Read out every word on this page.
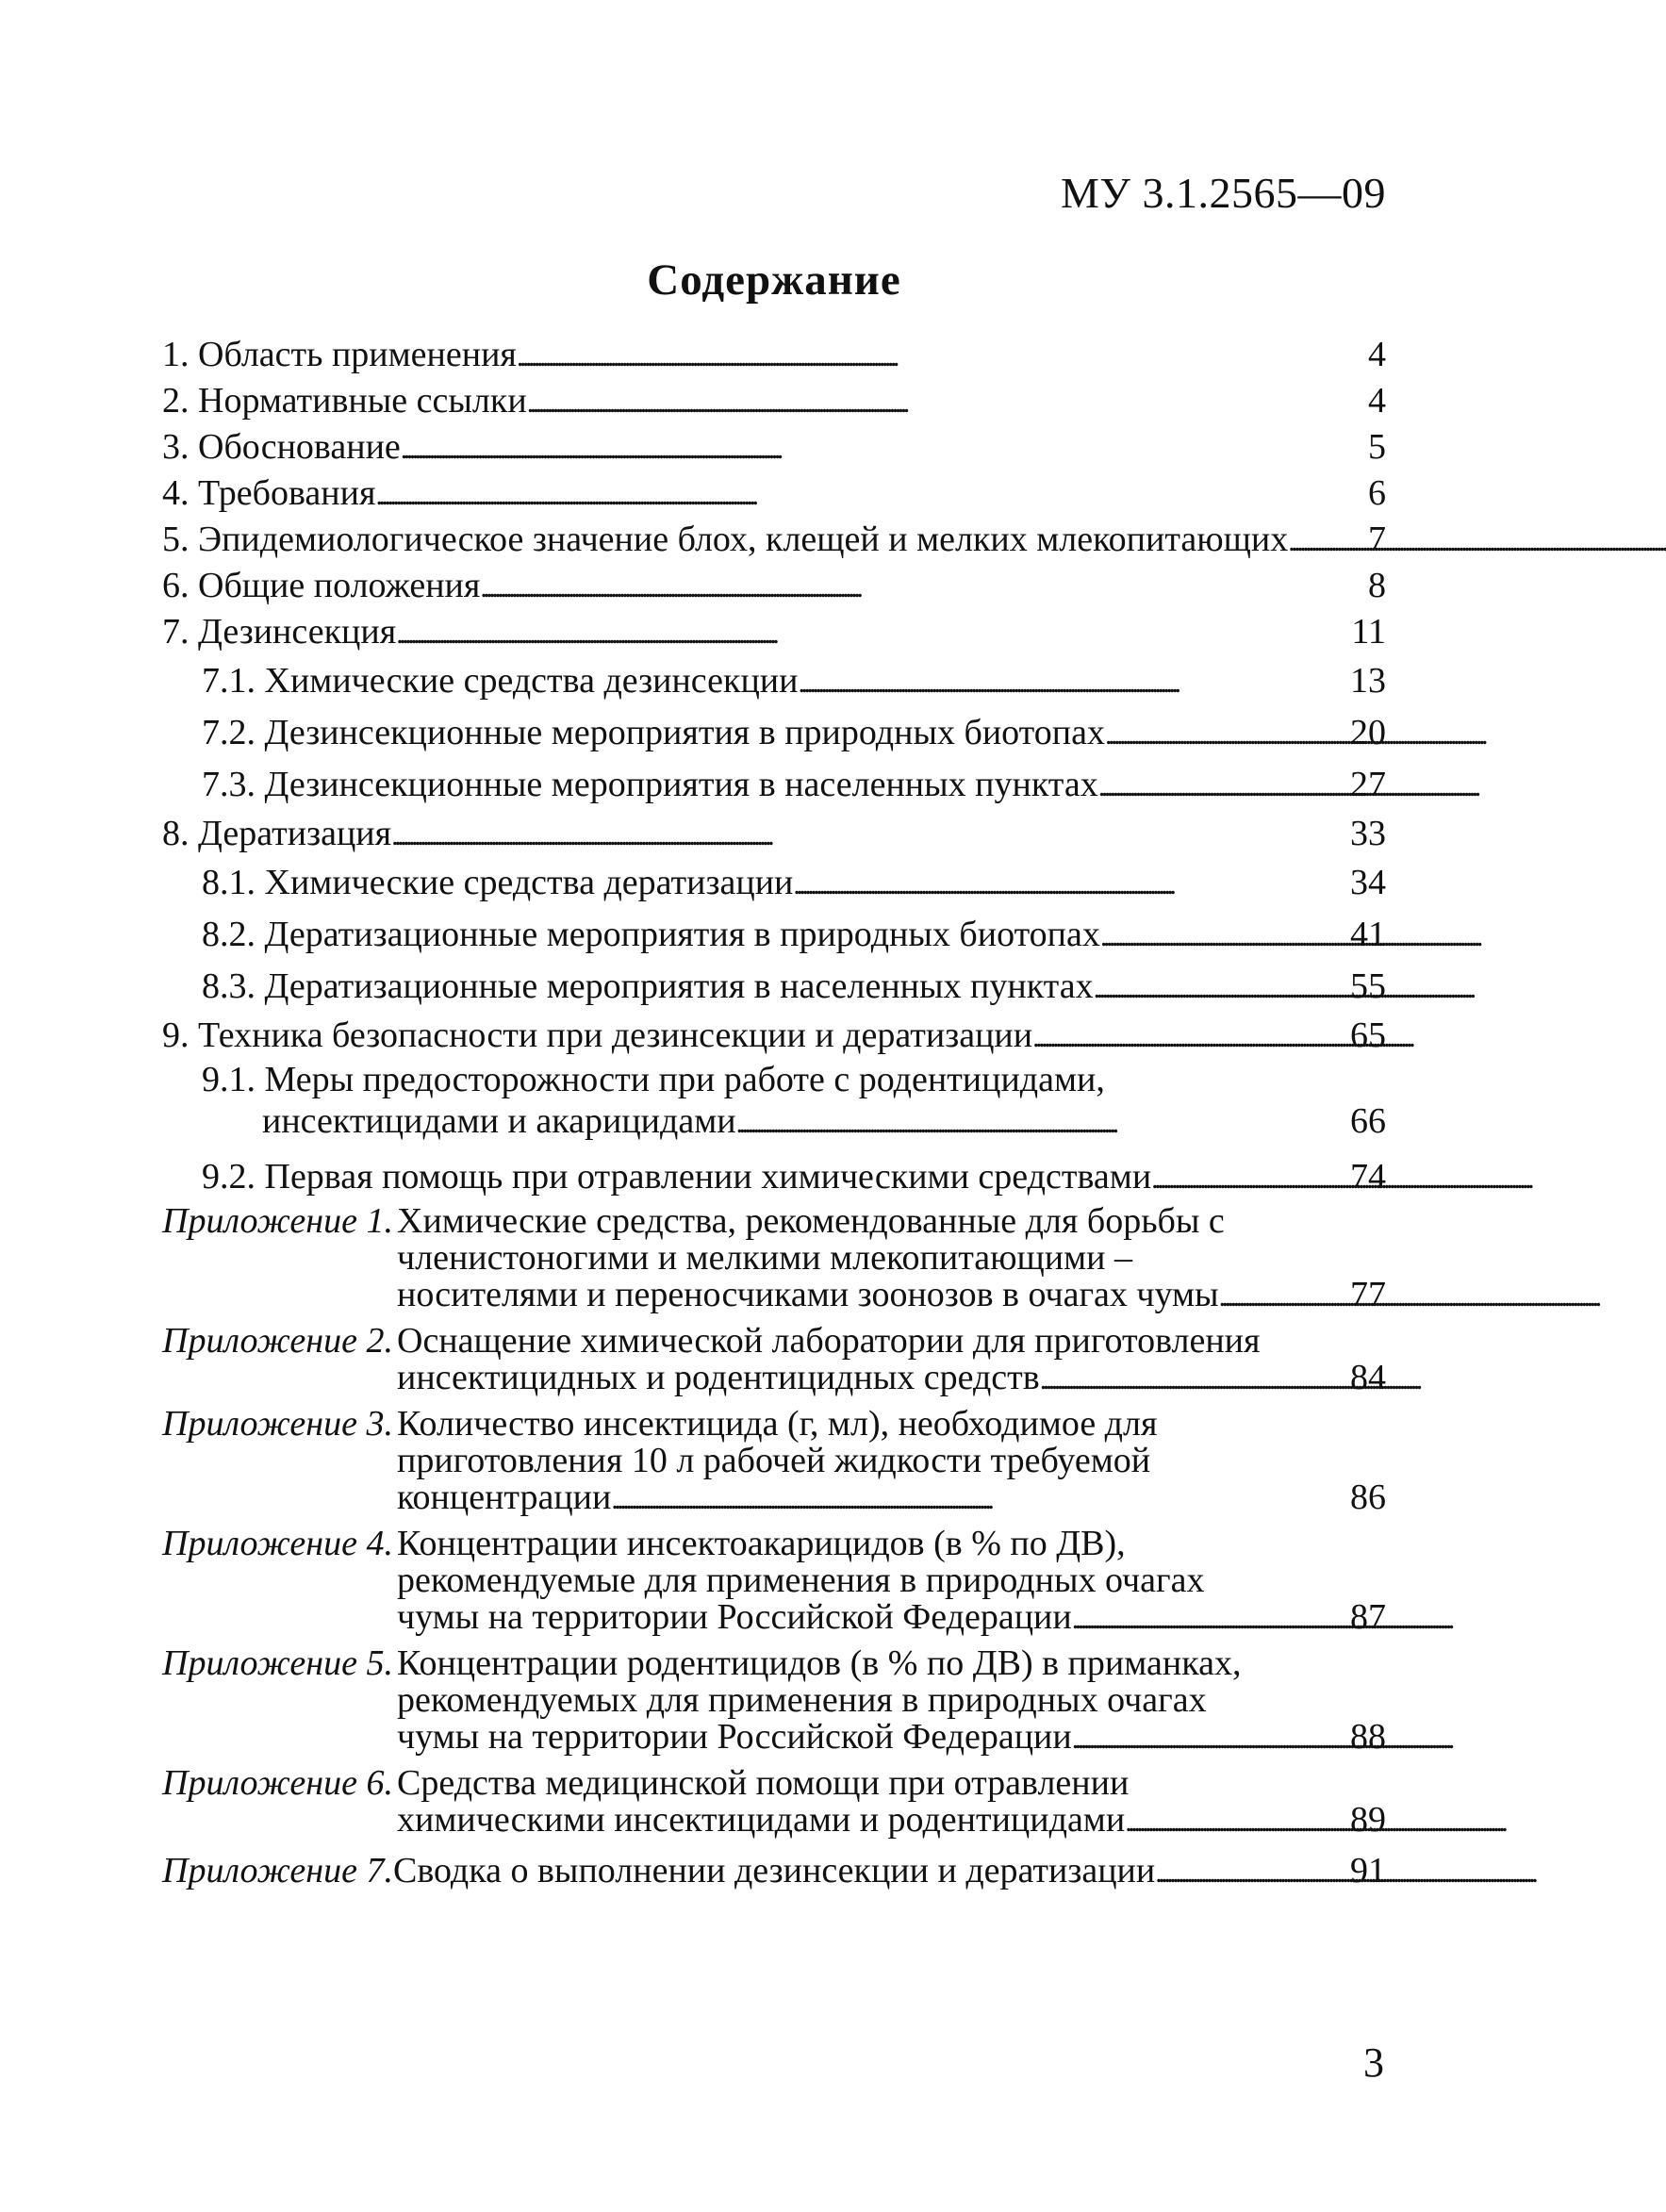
МУ 3.1.2565—09
Содержание
1. Область применения . . .	4
2. Нормативные ссылки . . .	4
3. Обоснование . . .	5
4. Требования . . .	6
5. Эпидемиологическое значение блох, клещей и мелких млекопитающих . . . 7
6. Общие положения . . .	8
7. Дезинсекция . . .	11
7.1. Химические средства дезинсекции . . .	13
7.2. Дезинсекционные мероприятия в природных биотопах . . .	20
7.3. Дезинсекционные мероприятия в населенных пунктах . . .	27
8. Дератизация . . .	33
8.1. Химические средства дератизации . . .	34
8.2. Дератизационные мероприятия в природных биотопах . . .	41
8.3. Дератизационные мероприятия в населенных пунктах . . .	55
9. Техника безопасности при дезинсекции и дератизации . . .	65
9.1. Меры предосторожности при работе с родентицидами,
инсектицидами и акарицидами . . .	66
9.2. Первая помощь при отравлении химическими средствами . . .	74
Приложение 1. Химические средства, рекомендованные для борьбы с
членистоногими и мелкими млекопитающими –
носителями и переносчиками зоонозов в очагах чумы . . .	77
Приложение 2. Оснащение химической лаборатории для приготовления
инсектицидных и родентицидных средств . . .	84
Приложение 3. Количество инсектицида (г, мл), необходимое для
приготовления 10 л рабочей жидкости требуемой
концентрации . . .	86
Приложение 4. Концентрации инсектоакарицидов (в % по ДВ),
рекомендуемые для применения в природных очагах
чумы на территории Российской Федерации . . .	87
Приложение 5. Концентрации родентицидов (в % по ДВ) в приманках,
рекомендуемых для применения в природных очагах
чумы на территории Российской Федерации . . .	88
Приложение 6. Средства медицинской помощи при отравлении
химическими инсектицидами и родентицидами . . .	89
Приложение 7. Сводка о выполнении дезинсекции и дератизации . . .	91
3
